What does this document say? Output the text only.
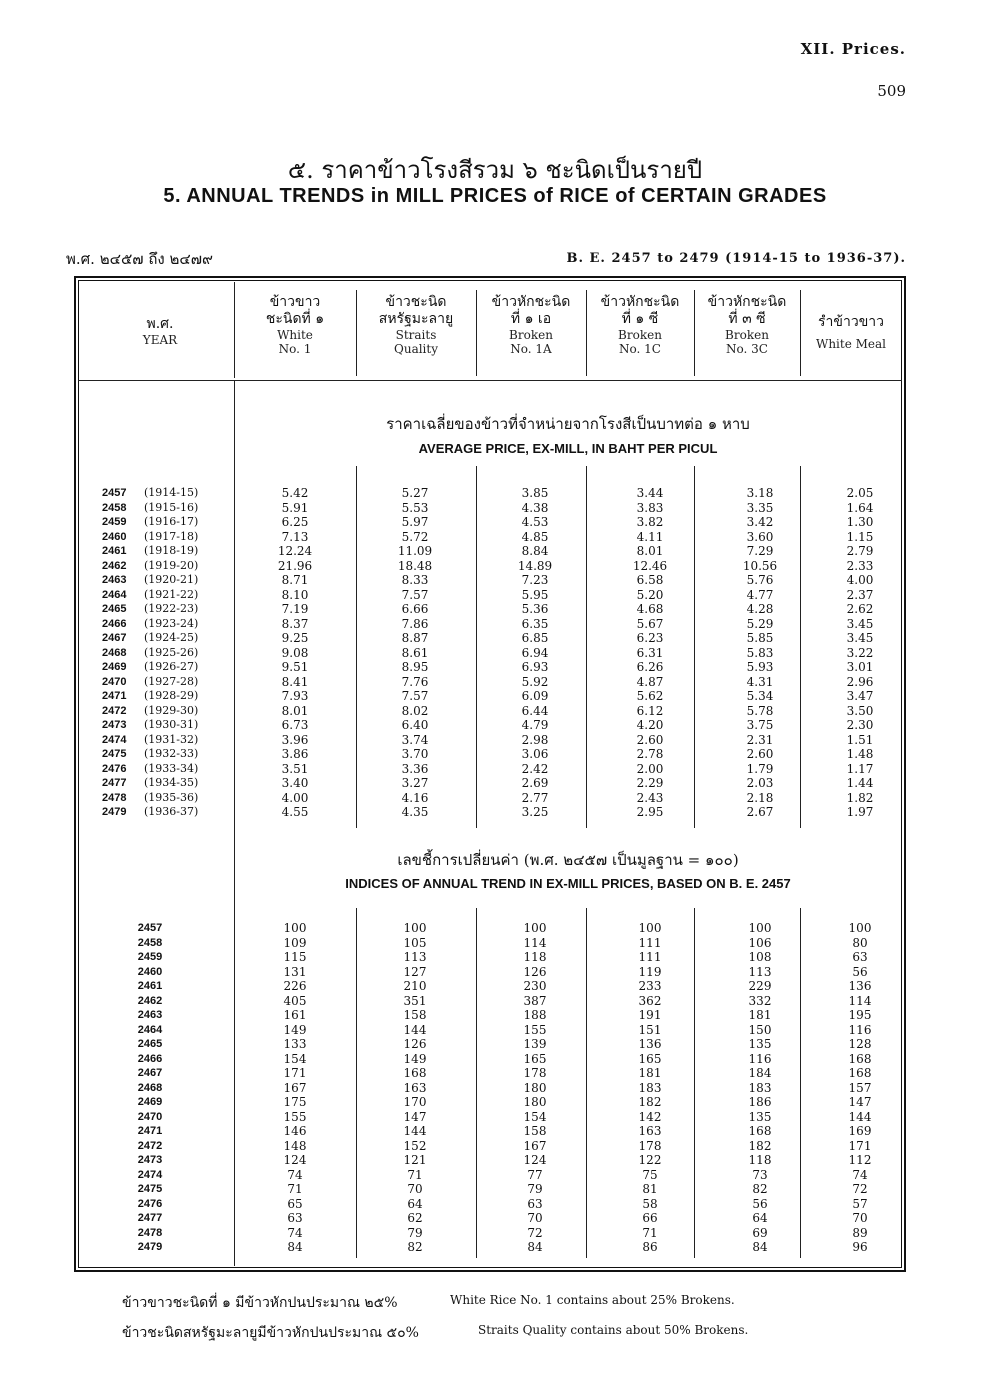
XII. Prices.
509
๕. ราคาข้าวโรงสีรวม ๖ ชะนิดเป็นรายปี
5. ANNUAL TRENDS in MILL PRICES of RICE of CERTAIN GRADES
พ.ศ. ๒๔๕๗ ถึง ๒๔๗๙	B. E. 2457 to 2479 (1914-15 to 1936-37).
พ.ศ.
YEAR
ข้าวขาว
ชะนิดที่ ๑
White
No. 1
ข้าวชะนิด
สหรัฐมะลายู
Straits
Quality
ข้าวหักชะนิด
ที่ ๑ เอ
Broken
No. 1A
ข้าวหักชะนิด
ที่ ๑ ซี
Broken
No. 1C
ข้าวหักชะนิด
ที่ ๓ ซี
Broken
No. 3C
รำข้าวขาว
White Meal
ราคาเฉลี่ยของข้าวที่จำหน่ายจากโรงสีเป็นบาทต่อ ๑ หาบ
AVERAGE PRICE, EX-MILL, IN BAHT PER PICUL
2457	(1914-15)	5.42	5.27	3.85	3.44	3.18	2.05
2458	(1915-16)	5.91	5.53	4.38	3.83	3.35	1.64
2459	(1916-17)	6.25	5.97	4.53	3.82	3.42	1.30
2460	(1917-18)	7.13	5.72	4.85	4.11	3.60	1.15
2461	(1918-19)	12.24	11.09	8.84	8.01	7.29	2.79
2462	(1919-20)	21.96	18.48	14.89	12.46	10.56	2.33
2463	(1920-21)	8.71	8.33	7.23	6.58	5.76	4.00
2464	(1921-22)	8.10	7.57	5.95	5.20	4.77	2.37
2465	(1922-23)	7.19	6.66	5.36	4.68	4.28	2.62
2466	(1923-24)	8.37	7.86	6.35	5.67	5.29	3.45
2467	(1924-25)	9.25	8.87	6.85	6.23	5.85	3.45
2468	(1925-26)	9.08	8.61	6.94	6.31	5.83	3.22
2469	(1926-27)	9.51	8.95	6.93	6.26	5.93	3.01
2470	(1927-28)	8.41	7.76	5.92	4.87	4.31	2.96
2471	(1928-29)	7.93	7.57	6.09	5.62	5.34	3.47
2472	(1929-30)	8.01	8.02	6.44	6.12	5.78	3.50
2473	(1930-31)	6.73	6.40	4.79	4.20	3.75	2.30
2474	(1931-32)	3.96	3.74	2.98	2.60	2.31	1.51
2475	(1932-33)	3.86	3.70	3.06	2.78	2.60	1.48
2476	(1933-34)	3.51	3.36	2.42	2.00	1.79	1.17
2477	(1934-35)	3.40	3.27	2.69	2.29	2.03	1.44
2478	(1935-36)	4.00	4.16	2.77	2.43	2.18	1.82
2479	(1936-37)	4.55	4.35	3.25	2.95	2.67	1.97
เลขชี้การเปลี่ยนค่า (พ.ศ. ๒๔๕๗ เป็นมูลฐาน = ๑๐๐)
INDICES OF ANNUAL TREND IN EX-MILL PRICES, BASED ON B. E. 2457
2457	100	100	100	100	100	100
2458	109	105	114	111	106	80
2459	115	113	118	111	108	63
2460	131	127	126	119	113	56
2461	226	210	230	233	229	136
2462	405	351	387	362	332	114
2463	161	158	188	191	181	195
2464	149	144	155	151	150	116
2465	133	126	139	136	135	128
2466	154	149	165	165	116	168
2467	171	168	178	181	184	168
2468	167	163	180	183	183	157
2469	175	170	180	182	186	147
2470	155	147	154	142	135	144
2471	146	144	158	163	168	169
2472	148	152	167	178	182	171
2473	124	121	124	122	118	112
2474	74	71	77	75	73	74
2475	71	70	79	81	82	72
2476	65	64	63	58	56	57
2477	63	62	70	66	64	70
2478	74	79	72	71	69	89
2479	84	82	84	86	84	96
ข้าวขาวชะนิดที่ ๑ มีข้าวหักปนประมาณ ๒๕%	White Rice No. 1 contains about 25% Brokens.
ข้าวชะนิดสหรัฐมะลายูมีข้าวหักปนประมาณ ๕๐%	Straits Quality contains about 50% Brokens.
